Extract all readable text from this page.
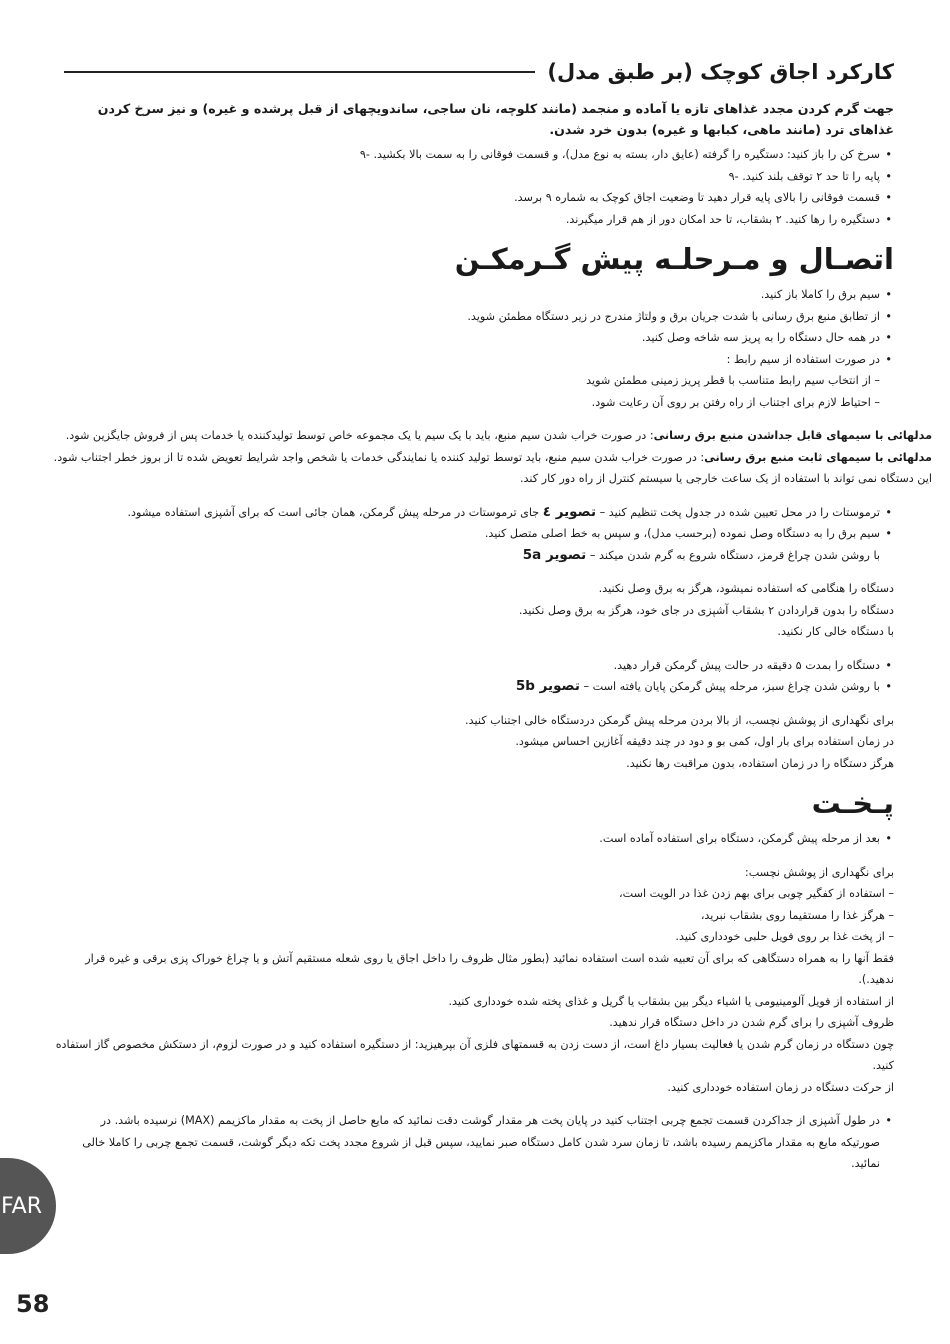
کارکرد اجاق کوچک (بر طبق مدل)

جهت گرم کردن مجدد غذاهای تازه یا آماده و منجمد (مانند کلوچه، نان ساجی، ساندویچهای از قبل پرشده و غیره) و نیز سرخ کردن غذاهای ترد (مانند ماهی، کبابها و غیره) بدون خرد شدن.

• سرخ کن را باز کنید: دستگیره را گرفته (عایق دار، بسته به نوع مدل)، و قسمت فوقانی را به سمت بالا بکشید. -۹
• پایه را تا حد ۲ توقف بلند کنید. -۹
• قسمت فوقانی را بالای پایه قرار دهید تا وضعیت اجاق کوچک به شماره ۹ برسد.
• دستگیره را رها کنید. ۲ بشقاب، تا حد امکان دور از هم قرار میگیرند.
اتصـال و مـرحلـه پيش گـرمكـن
• سیم برق را کاملا باز کنید.
• از تطابق منبع برق رسانی با شدت جریان برق و ولتاژ مندرج در زیر دستگاه مطمئن شوید.
• در همه حال دستگاه را به پریز سه شاخه وصل کنید.
• در صورت استفاده از سیم رابط :
– از انتخاب سیم رابط متناسب با قطر پریز زمینی مطمئن شوید
– احتیاط لازم برای اجتناب از راه رفتن بر روی آن رعایت شود.

مدلهائی با سیمهای قابل جداشدن منبع برق رسانی: در صورت خراب شدن سیم منبع، باید با یک سیم یا یک مجموعه خاص توسط تولیدکننده یا خدمات پس از فروش جایگزین شود.

مدلهائی با سیمهای ثابت منبع برق رسانی: در صورت خراب شدن سیم منبع، باید توسط تولید کننده یا نمایندگی خدمات یا شخص واجد شرایط تعویض شده تا از بروز خطر اجتناب شود.

این دستگاه نمی تواند با استفاده از یک ساعت خارجی یا سیستم کنترل از راه دور کار کند.

• ترموستات را در محل تعیین شده در جدول پخت تنظیم کنید – تصویر ٤ جای ترموستات در مرحله پیش گرمکن، همان جائی است که برای آشپزی استفاده میشود.
• سیم برق را به دستگاه وصل نموده (برحسب مدل)، و سپس به خط اصلی متصل کنید.
با روشن شدن چراغ قرمز، دستگاه شروع به گرم شدن میکند – تصویر 5a

دستگاه را هنگامی که استفاده نمیشود، هرگز به برق وصل نکنید.

دستگاه را بدون قراردادن ۲ بشقاب آشپزی در جای خود، هرگز به برق وصل نکنید.

با دستگاه خالی کار نکنید.

• دستگاه را بمدت ۵ دقیقه در حالت پیش گرمکن قرار دهید.
• با روشن شدن چراغ سبز، مرحله پیش گرمکن پایان یافته است – تصویر 5b

برای نگهداری از پوشش نچسب، از بالا بردن مرحله پیش گرمکن دردستگاه خالی اجتناب کنید.

در زمان استفاده برای بار اول، کمی بو و دود در چند دقیقه آغازین احساس میشود.

هرگز دستگاه را در زمان استفاده، بدون مراقبت رها نکنید.

پـخـت
• بعد از مرحله پیش گرمکن، دستگاه برای استفاده آماده است.

برای نگهداری از پوشش نچسب:

– استفاده از کفگیر چوبی برای بهم زدن غذا در الویت است،

– هرگز غذا را مستقیما روی بشقاب نبرید،

– از پخت غذا بر روی فویل حلبی خودداری کنید.

فقط آنها را به همراه دستگاهی که برای آن تعبیه شده است استفاده نمائید (بطور مثال ظروف را داخل اجاق یا روی شعله مستقیم آتش و یا چراغ خوراک پزی برقی و غیره قرار ندهید.).

از استفاده از فویل آلومینیومی یا اشیاء دیگر بین بشقاب یا گریل و غذای پخته شده خودداری کنید.

ظروف آشپزی را برای گرم شدن در داخل دستگاه قرار ندهید.

چون دستگاه در زمان گرم شدن یا فعالیت بسیار داغ است، از دست زدن به قسمتهای فلزی آن بپرهیزید: از دستگیره استفاده کنید و در صورت لزوم، از دستکش مخصوص گاز استفاده کنید.

از حرکت دستگاه در زمان استفاده خودداری کنید.

• در طول آشپزی از جداکردن قسمت تجمع چربی اجتناب کنید در پایان پخت هر مقدار گوشت دقت نمائید که مایع حاصل از پخت به مقدار ماکزیمم (MAX) نرسیده باشد. در صورتیکه مایع به مقدار ماکزیمم رسیده باشد، تا زمان سرد شدن کامل دستگاه صبر نمایید، سپس قبل از شروع مجدد پخت تکه دیگر گوشت، قسمت تجمع چربی را کاملا خالی نمائید.
FAR
58
